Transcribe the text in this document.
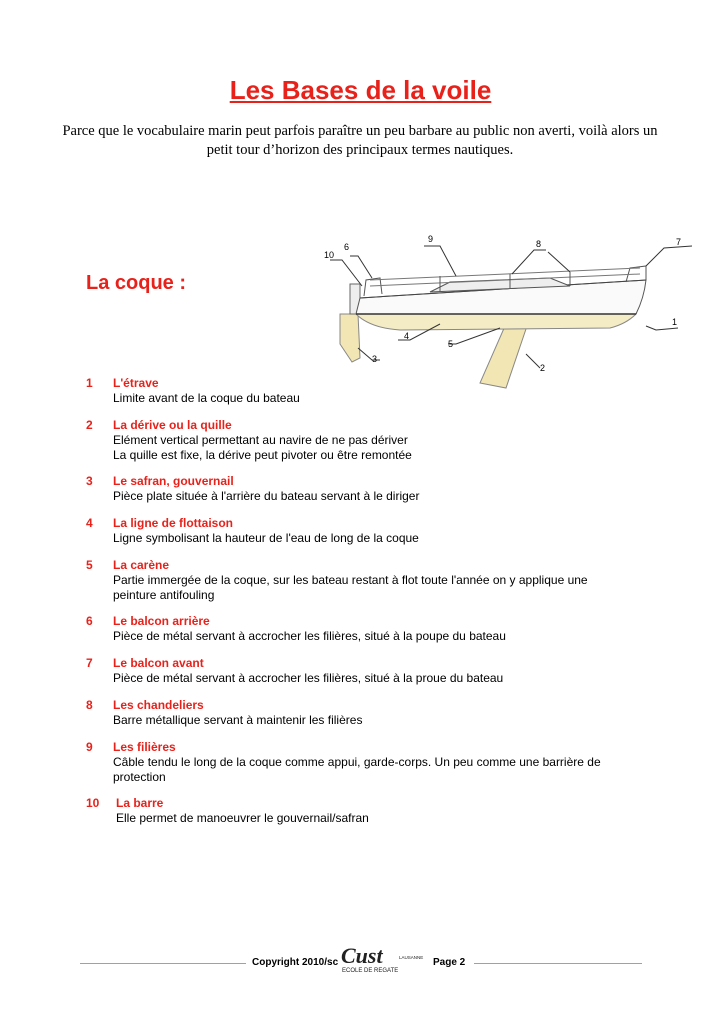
Les Bases de la voile
Parce que le vocabulaire marin peut parfois paraître un peu barbare au public non averti, voilà alors un petit tour d’horizon des principaux termes nautiques.
La coque :
1
2
3
4
5
6	7
8
9
10
1 L'étrave
Limite avant de la coque du bateau
2 La dérive ou la quille
Elément vertical permettant au navire de ne pas dériver
La quille est fixe, la dérive peut pivoter ou être remontée
3 Le safran, gouvernail
Pièce plate située à l'arrière du bateau servant à le diriger
4 La ligne de flottaison
Ligne symbolisant la hauteur de l'eau de long de la coque
5 La carène
Partie immergée de la coque, sur les bateau restant à flot toute l'année on y applique une peinture antifouling
6 Le balcon arrière
Pièce de métal servant à accrocher les filières, situé à la poupe du bateau
7 Le balcon avant
Pièce de métal servant à accrocher les filières, situé à la proue du bateau
8 Les chandeliers
Barre métallique servant à maintenir les filières
9 Les filières
Câble tendu le long de la coque comme appui, garde-corps. Un peu comme une barrière de protection
10 La barre
Elle permet de manoeuvrer le gouvernail/safran
Copyright 2010/sc Cust	LAUSANNE
ECOLE DE REGATE
Page 2
